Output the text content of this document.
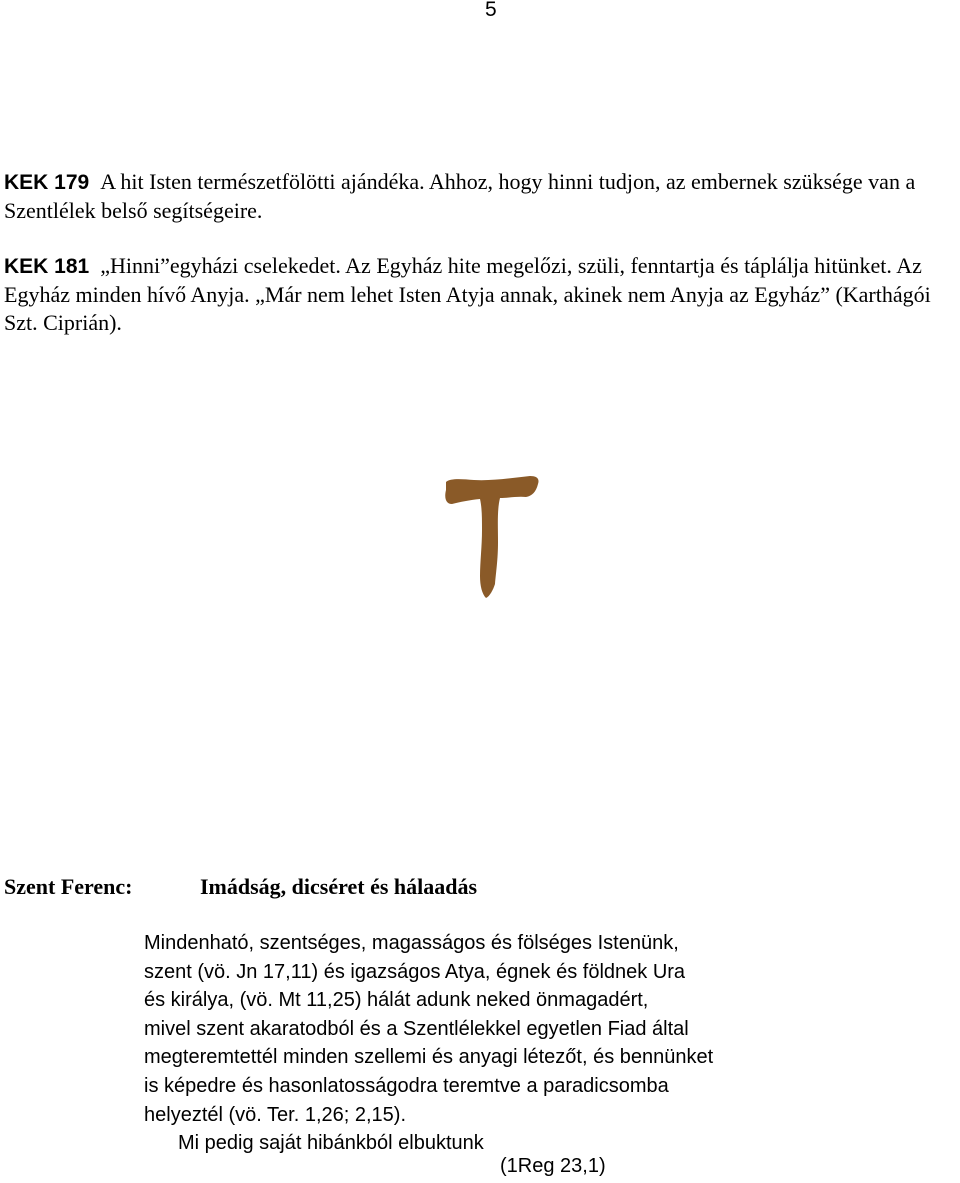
5

KEK 179 A hit Isten természetfölötti ajándéka. Ahhoz, hogy hinni tudjon, az embernek szüksége van a Szentlélek belső segítségeire.

KEK 181 „Hinni”egyházi cselekedet. Az Egyház hite megelőzi, szüli, fenntartja és táplálja hitünket. Az Egyház minden hívő Anyja. „Már nem lehet Isten Atyja annak, akinek nem Anyja az Egyház” (Karthágói Szt. Ciprián).

Szent Ferenc:	Imádság, dicséret és hálaadás
Mindenható, szentséges, magasságos és fölséges Istenünk,
szent (vö. Jn 17,11) és igazságos Atya, égnek és földnek Ura
és királya, (vö. Mt 11,25) hálát adunk neked önmagadért,
mivel szent akaratodból és a Szentlélekkel egyetlen Fiad által
megteremtettél minden szellemi és anyagi létezőt, és bennünket
is képedre és hasonlatosságodra teremtve a paradicsomba
helyeztél (vö. Ter. 1,26; 2,15).
Mi pedig saját hibánkból elbuktunk
(1Reg 23,1)
